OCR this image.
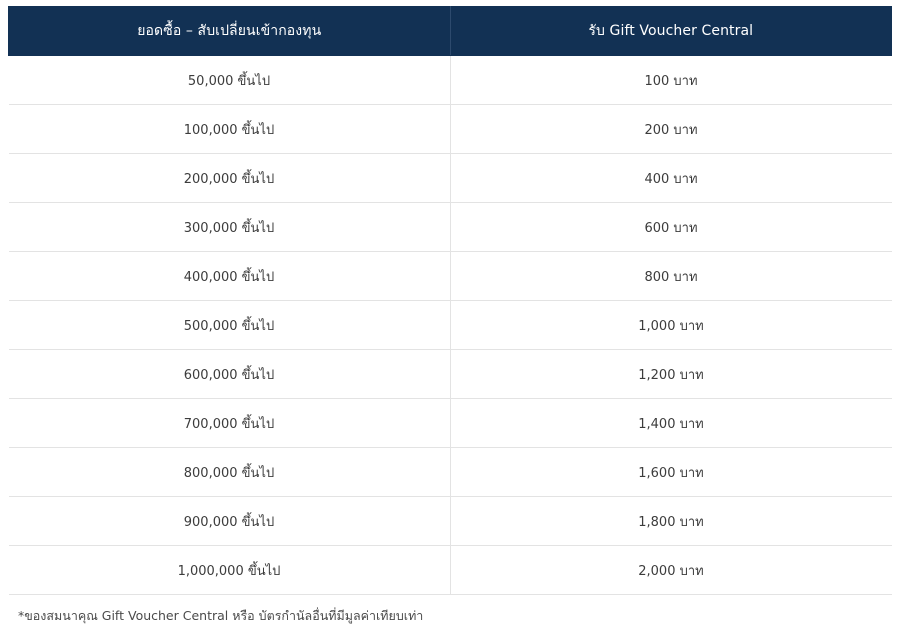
ยอดซื้อ – สับเปลี่ยนเข้ากองทุน	รับ Gift Voucher Central
50,000 ขึ้นไป	100 บาท
100,000 ขึ้นไป	200 บาท
200,000 ขึ้นไป	400 บาท
300,000 ขึ้นไป	600 บาท
400,000 ขึ้นไป	800 บาท
500,000 ขึ้นไป	1,000 บาท
600,000 ขึ้นไป	1,200 บาท
700,000 ขึ้นไป	1,400 บาท
800,000 ขึ้นไป	1,600 บาท
900,000 ขึ้นไป	1,800 บาท
1,000,000 ขึ้นไป	2,000 บาท
*ของสมนาคุณ Gift Voucher Central หรือ บัตรกำนัลอื่นที่มีมูลค่าเทียบเท่า
